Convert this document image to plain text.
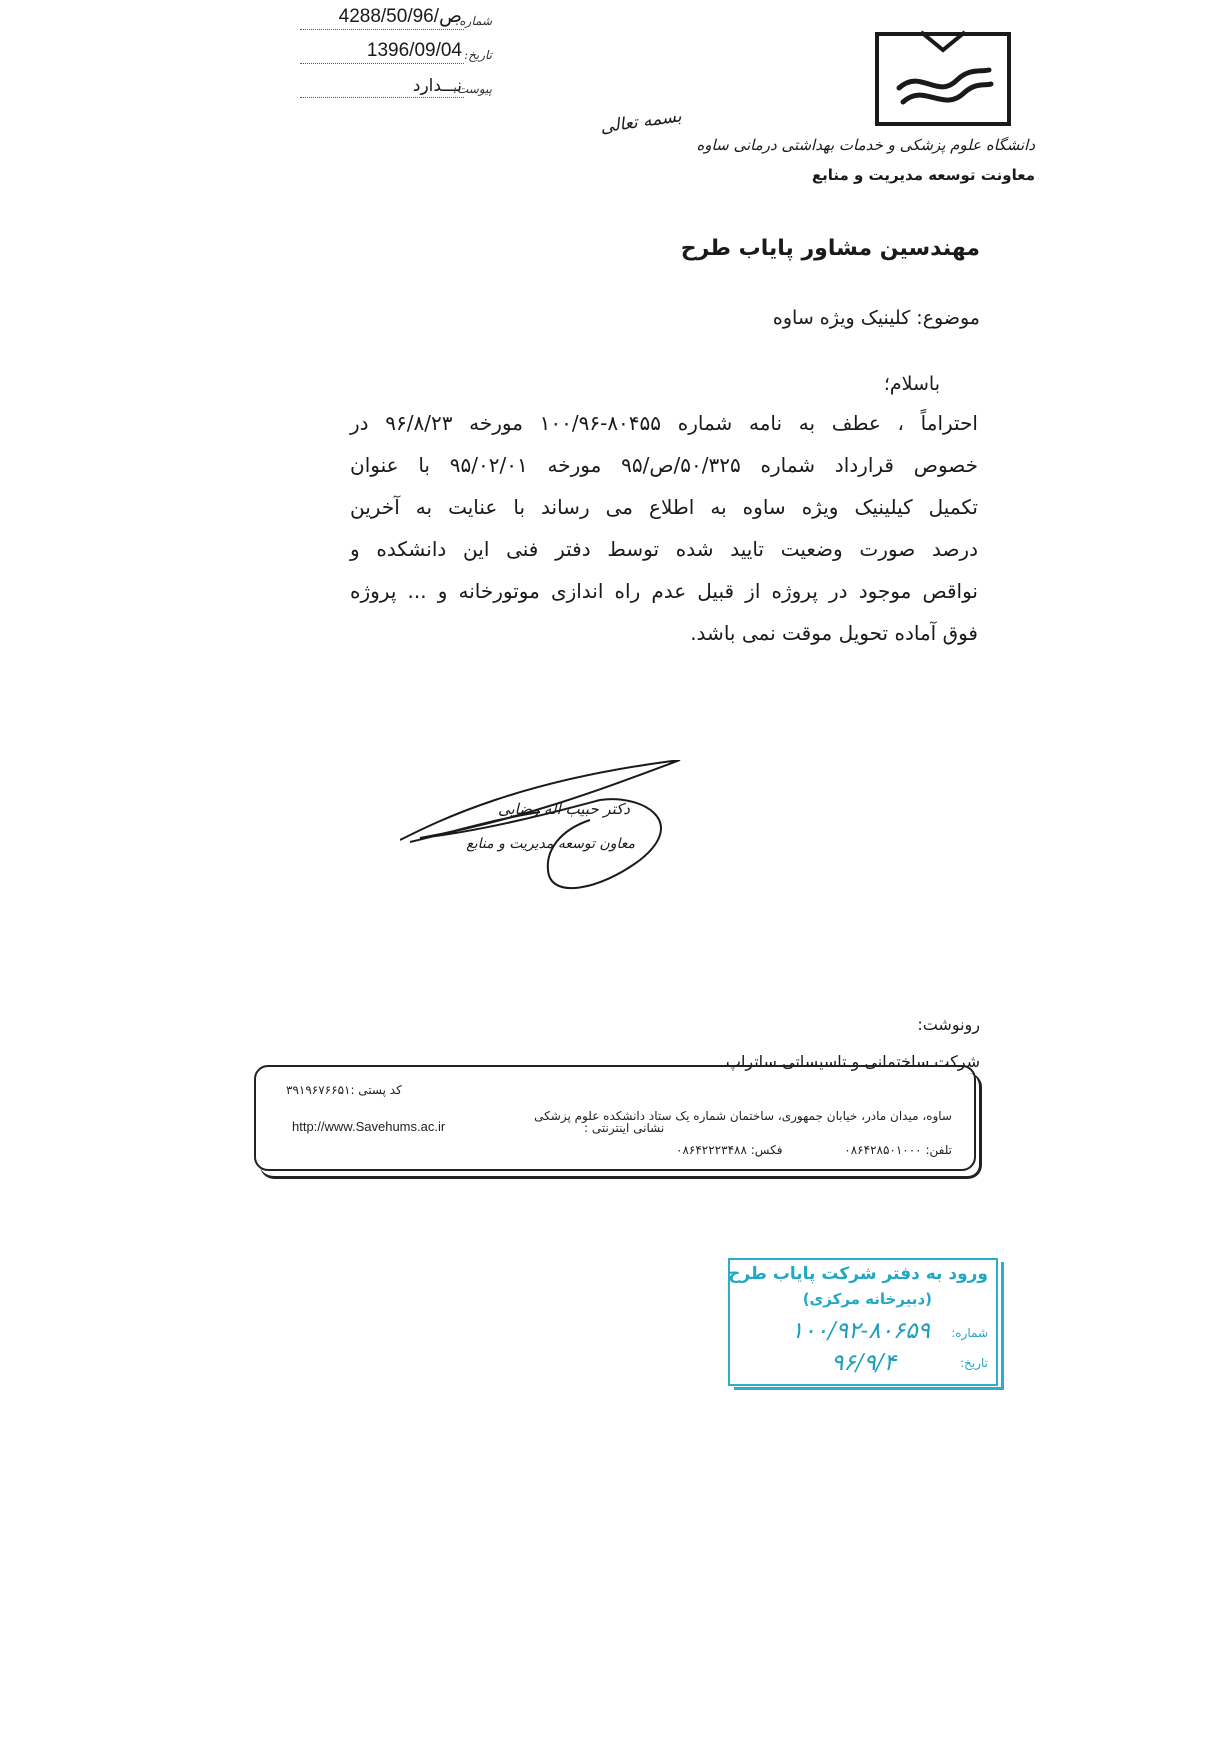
شماره:
4288/50/ص/96
تاریخ:
1396/09/04
پیوست:
نـــدارد
دانشگاه علوم پزشکی و خدمات بهداشتی درمانی ساوه
معاونت توسعه مدیریت و منابع
بسمه تعالی
مهندسین مشاور پایاب طرح
موضوع: کلینیک ویژه ساوه
باسلام؛
احتراماً ، عطف به نامه شماره ۸۰۴۵۵-۱۰۰/۹۶ مورخه ۹۶/۸/۲۳ در
خصوص قرارداد شماره ۵۰/۳۲۵/ص/۹۵ مورخه ۹۵/۰۲/۰۱ با عنوان
تکمیل کیلینیک ویژه ساوه به اطلاع می رساند با عنایت به آخرین
درصد صورت وضعیت تایید شده توسط دفتر فنی این دانشکده و
نواقص موجود در پروژه از قبیل عدم راه اندازی موتورخانه و ... پروژه
فوق آماده تحویل موقت نمی باشد.
دکتر حبیب اله رضایی
معاون توسعه مدیریت و منابع
رونوشت:
شرکت ساختمانی و تاسیساتی ساتراپ
کد پستی :۳۹۱۹۶۷۶۶۵۱
ساوه، میدان مادر، خیابان جمهوری، ساختمان شماره یک ستاد دانشکده علوم پزشکی
نشانی اینترنتی :
http://www.Savehums.ac.ir
تلفن: ۰۸۶۴۲۸۵۰۱۰۰۰
فکس: ۰۸۶۴۲۲۲۳۴۸۸
ورود به دفتر شرکت پایاب طرح
(دبیرخانه مرکزی)
شماره:
۱۰۰/۹۲-۸۰۶۵۹
تاریخ:
۹۶/۹/۴
